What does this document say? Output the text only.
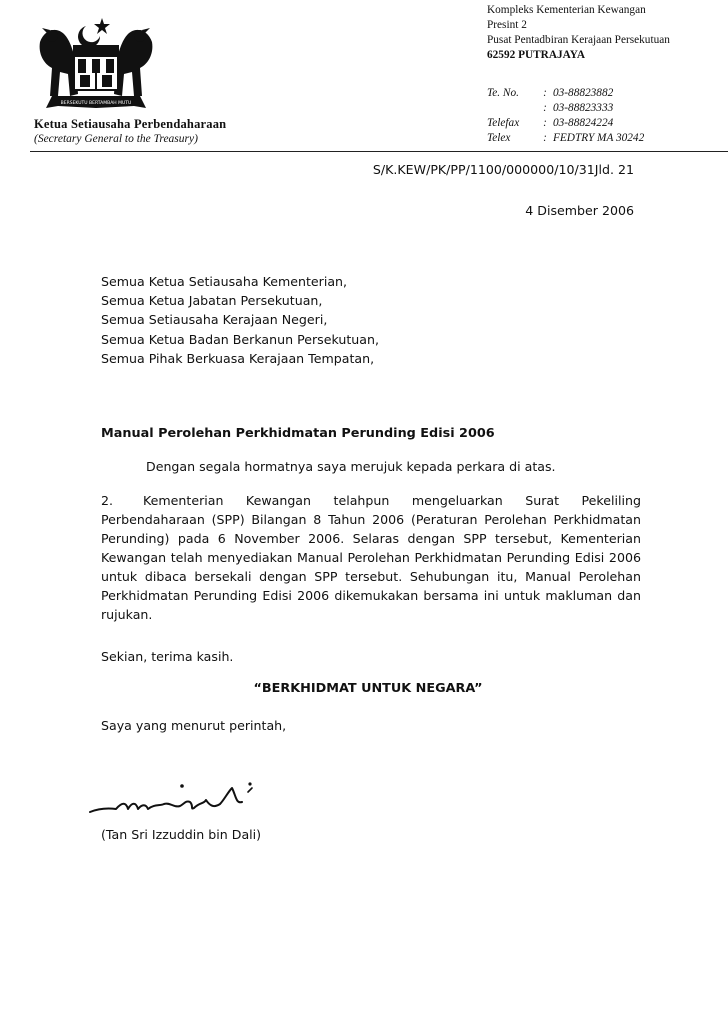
BERSEKUTU BERTAMBAH MUTU
Ketua Setiausaha Perbendaharaan
(Secretary General to the Treasury)
Kompleks Kementerian Kewangan
Presint 2
Pusat Pentadbiran Kerajaan Persekutuan
62592 PUTRAJAYA
Te. No.	: 03-88823882
: 03-88823333
Telefax	: 03-88824224
Telex	: FEDTRY MA 30242
S/K.KEW/PK/PP/1100/000000/10/31Jld. 21
4 Disember 2006
Semua Ketua Setiausaha Kementerian,
Semua Ketua Jabatan Persekutuan,
Semua Setiausaha Kerajaan Negeri,
Semua Ketua Badan Berkanun Persekutuan,
Semua Pihak Berkuasa Kerajaan Tempatan,
Manual Perolehan Perkhidmatan Perunding Edisi 2006
Dengan segala hormatnya saya merujuk kepada perkara di atas.
2. Kementerian Kewangan telahpun mengeluarkan Surat Pekeliling Perbendaharaan (SPP) Bilangan 8 Tahun 2006 (Peraturan Perolehan Perkhidmatan Perunding) pada 6 November 2006. Selaras dengan SPP tersebut, Kementerian Kewangan telah menyediakan Manual Perolehan Perkhidmatan Perunding Edisi 2006 untuk dibaca bersekali dengan SPP tersebut. Sehubungan itu, Manual Perolehan Perkhidmatan Perunding Edisi 2006 dikemukakan bersama ini untuk makluman dan rujukan.
Sekian, terima kasih.
“BERKHIDMAT UNTUK NEGARA”
Saya yang menurut perintah,
(Tan Sri Izzuddin bin Dali)
